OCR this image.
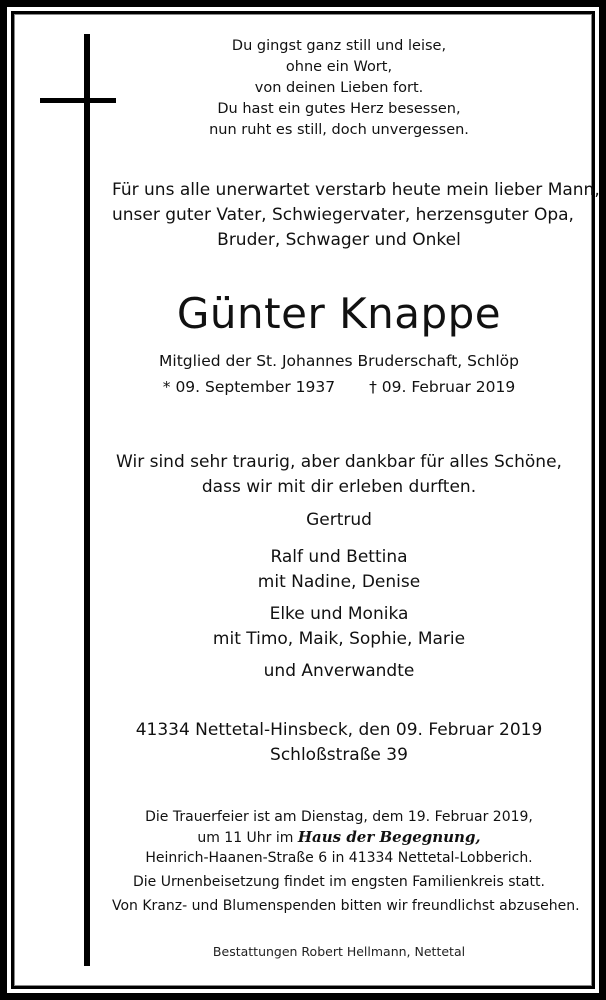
Du gingst ganz still und leise,
ohne ein Wort,
von deinen Lieben fort.
Du hast ein gutes Herz besessen,
nun ruht es still, doch unvergessen.
Für uns alle unerwartet verstarb heute mein lieber Mann,
unser guter Vater, Schwiegervater, herzensguter Opa,
Bruder, Schwager und Onkel
Günter Knappe
Mitglied der St. Johannes Bruderschaft, Schlöp
* 09. September 1937 † 09. Februar 2019
Wir sind sehr traurig, aber dankbar für alles Schöne,
dass wir mit dir erleben durften.
Gertrud
Ralf und Bettina
mit Nadine, Denise
Elke und Monika
mit Timo, Maik, Sophie, Marie
und Anverwandte
41334 Nettetal-Hinsbeck, den 09. Februar 2019
Schloßstraße 39
Die Trauerfeier ist am Dienstag, dem 19. Februar 2019,
um 11 Uhr im Haus der Begegnung,
Heinrich-Haanen-Straße 6 in 41334 Nettetal-Lobberich.
Die Urnenbeisetzung findet im engsten Familienkreis statt.
Von Kranz- und Blumenspenden bitten wir freundlichst abzusehen.
Bestattungen Robert Hellmann, Nettetal
